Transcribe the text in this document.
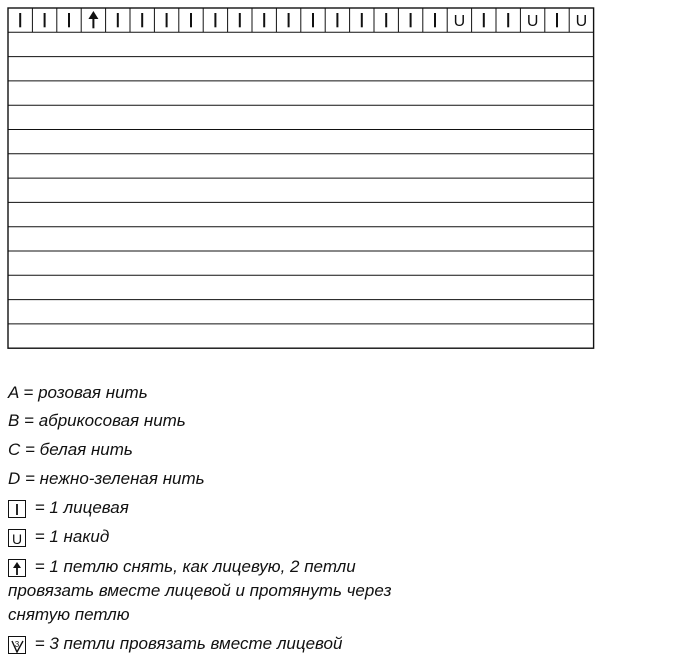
U	U U
A = розовая нить
B = абрикосовая нить
C = белая нить
D = нежно-зеленая нить
= 1 лицевая
U = 1 накид
= 1 петлю снять, как лицевую, 2 петли
провязать вместе лицевой и протянуть через
снятую петлю
3 = 3 петли провязать вместе лицевой
